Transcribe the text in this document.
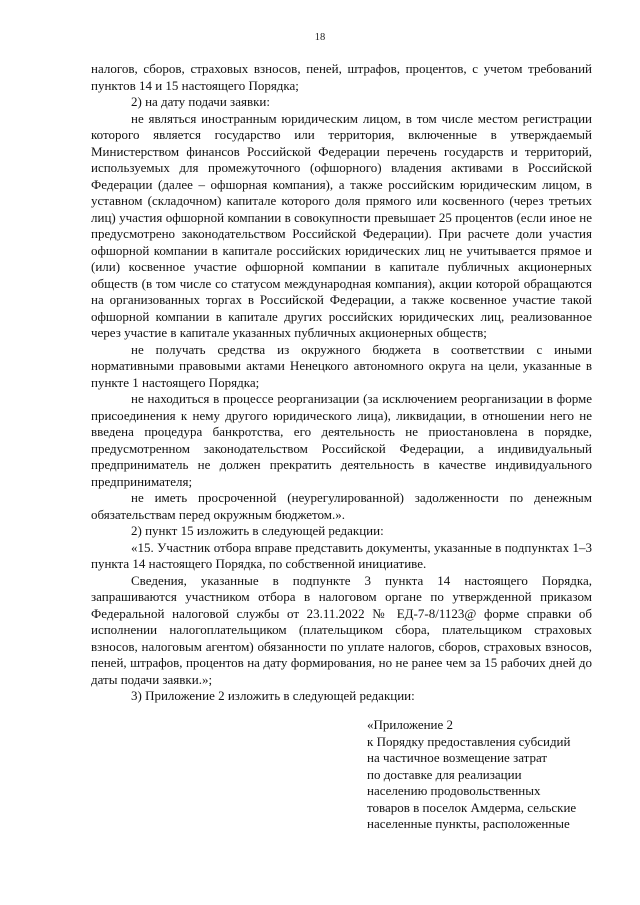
18

налогов, сборов, страховых взносов, пеней, штрафов, процентов, с учетом требований пунктов 14 и 15 настоящего Порядка;

2) на дату подачи заявки:

не являться иностранным юридическим лицом, в том числе местом регистрации которого является государство или территория, включенные в утверждаемый Министерством финансов Российской Федерации перечень государств и территорий, используемых для промежуточного (офшорного) владения активами в Российской Федерации (далее – офшорная компания), а также российским юридическим лицом, в уставном (складочном) капитале которого доля прямого или косвенного (через третьих лиц) участия офшорной компании в совокупности превышает 25 процентов (если иное не предусмотрено законодательством Российской Федерации). При расчете доли участия офшорной компании в капитале российских юридических лиц не учитывается прямое и (или) косвенное участие офшорной компании в капитале публичных акционерных обществ (в том числе со статусом международная компания), акции которой обращаются на организованных торгах в Российской Федерации, а также косвенное участие такой офшорной компании в капитале других российских юридических лиц, реализованное через участие в капитале указанных публичных акционерных обществ;

не получать средства из окружного бюджета в соответствии с иными нормативными правовыми актами Ненецкого автономного округа на цели, указанные в пункте 1 настоящего Порядка;

не находиться в процессе реорганизации (за исключением реорганизации в форме присоединения к нему другого юридического лица), ликвидации, в отношении него не введена процедура банкротства, его деятельность не приостановлена в порядке, предусмотренном законодательством Российской Федерации, а индивидуальный предприниматель не должен прекратить деятельность в качестве индивидуального предпринимателя;

не иметь просроченной (неурегулированной) задолженности по денежным обязательствам перед окружным бюджетом.».

2) пункт 15 изложить в следующей редакции:

«15. Участник отбора вправе представить документы, указанные в подпунктах 1–3 пункта 14 настоящего Порядка, по собственной инициативе.

Сведения, указанные в подпункте 3 пункта 14 настоящего Порядка, запрашиваются участником отбора в налоговом органе по утвержденной приказом Федеральной налоговой службы от 23.11.2022 № ЕД-7-8/1123@ форме справки об исполнении налогоплательщиком (плательщиком сбора, плательщиком страховых взносов, налоговым агентом) обязанности по уплате налогов, сборов, страховых взносов, пеней, штрафов, процентов на дату формирования, но не ранее чем за 15 рабочих дней до даты подачи заявки.»;

3) Приложение 2 изложить в следующей редакции:

«Приложение 2
к Порядку предоставления субсидий
на частичное возмещение затрат
по доставке для реализации
населению продовольственных
товаров в поселок Амдерма, сельские
населенные пункты, расположенные
